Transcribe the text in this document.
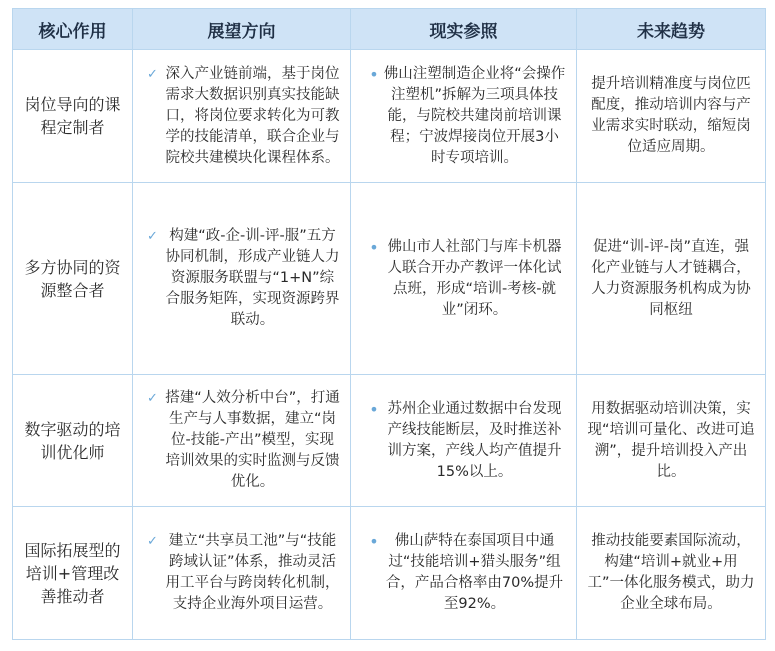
核心作用	展望方向	现实参照	未来趋势
岗位导向的课程定制者	✓ 深入产业链前端，基于岗位需求大数据识别真实技能缺口，将岗位要求转化为可教学的技能清单，联合企业与院校共建模块化课程体系。	• 佛山注塑制造企业将“会操作注塑机”拆解为三项具体技能，与院校共建岗前培训课程；宁波焊接岗位开展3小时专项培训。	提升培训精准度与岗位匹配度，推动培训内容与产业需求实时联动，缩短岗位适应周期。

多方协同的资源整合者	✓ 构建“政-企-训-评-服”五方协同机制，形成产业链人力资源服务联盟与“1+N”综合服务矩阵，实现资源跨界联动。	• 佛山市人社部门与库卡机器人联合开办产教评一体化试点班，形成“培训-考核-就业”闭环。	促进“训-评-岗”直连，强化产业链与人才链耦合，人力资源服务机构成为协同枢纽

数字驱动的培训优化师	✓ 搭建“人效分析中台”，打通生产与人事数据，建立“岗位-技能-产出”模型，实现培训效果的实时监测与反馈优化。	• 苏州企业通过数据中台发现产线技能断层，及时推送补训方案，产线人均产值提升15%以上。	用数据驱动培训决策，实现“培训可量化、改进可追溯”，提升培训投入产出比。

国际拓展型的培训+管理改善推动者	✓ 建立“共享员工池”与“技能跨域认证”体系，推动灵活用工平台与跨岗转化机制，支持企业海外项目运营。	• 佛山萨特在泰国项目中通过“技能培训+猎头服务”组合，产品合格率由70%提升至92%。	推动技能要素国际流动，构建“培训+就业+用工”一体化服务模式，助力企业全球布局。
